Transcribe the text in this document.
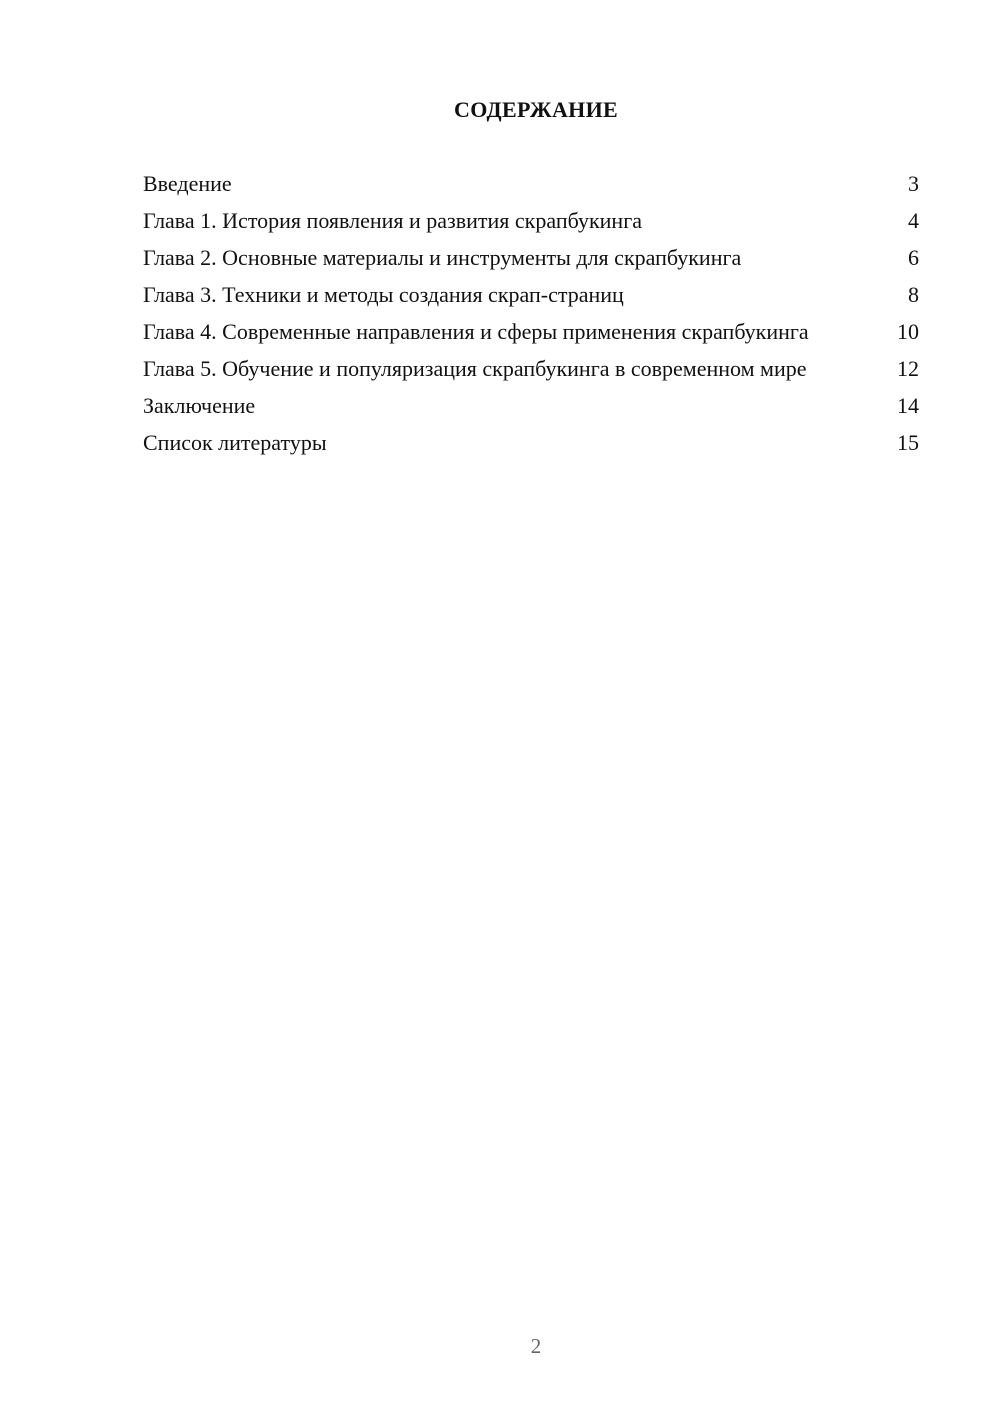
СОДЕРЖАНИЕ
Введение	3
Глава 1. История появления и развития скрапбукинга	4
Глава 2. Основные материалы и инструменты для скрапбукинга	6
Глава 3. Техники и методы создания скрап-страниц	8
Глава 4. Современные направления и сферы применения скрапбукинга	10
Глава 5. Обучение и популяризация скрапбукинга в современном мире	12
Заключение	14
Список литературы	15
2
